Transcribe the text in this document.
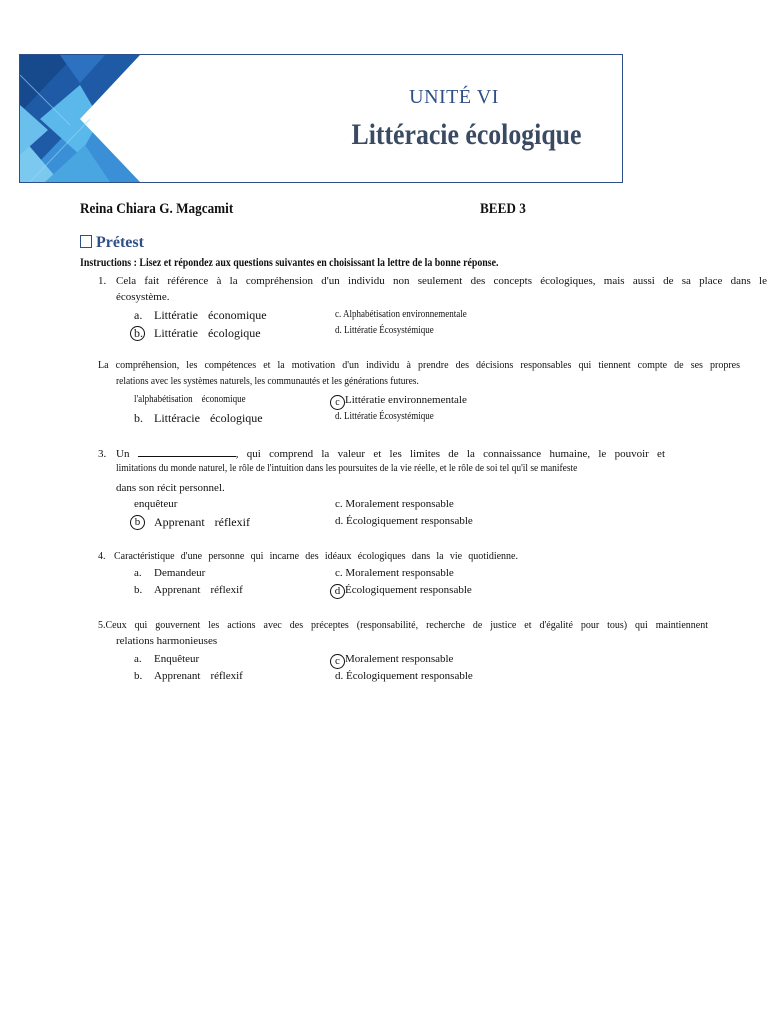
UNITÉ VI
Littéracie écologique
Reina Chiara G. Magcamit	BEED 3
Prétest
Instructions : Lisez et répondez aux questions suivantes en choisissant la lettre de la bonne réponse.
1. Cela fait référence à la compréhension d'un individu non seulement des concepts écologiques, mais aussi de sa place dans le
écosystème.
a. Littératie économique
b. Littératie écologique
c. Alphabétisation environnementale
d. Littératie Écosystémique
La compréhension, les compétences et la motivation d'un individu à prendre des décisions responsables qui tiennent compte de ses propres
relations avec les systèmes naturels, les communautés et les générations futures.
l'alphabétisation économique
b. Littéracie écologique
c Littératie environnementale
d. Littératie Écosystémique
3. Un	, qui comprend la valeur et les limites de la connaissance humaine, le pouvoir et
limitations du monde naturel, le rôle de l'intuition dans les poursuites de la vie réelle, et le rôle de soi tel qu'il se manifeste
dans son récit personnel.
enquêteur
Apprenant réflexif
b
c. Moralement responsable
d. Écologiquement responsable
4. Caractéristique d'une personne qui incarne des idéaux écologiques dans la vie quotidienne.
a. Demandeur
b. Apprenant réflexif
c. Moralement responsable
d Écologiquement responsable
5.Ceux qui gouvernent les actions avec des préceptes (responsabilité, recherche de justice et d'égalité pour tous) qui maintiennent
relations harmonieuses
a. Enquêteur
b. Apprenant réflexif
c Moralement responsable
d. Écologiquement responsable
